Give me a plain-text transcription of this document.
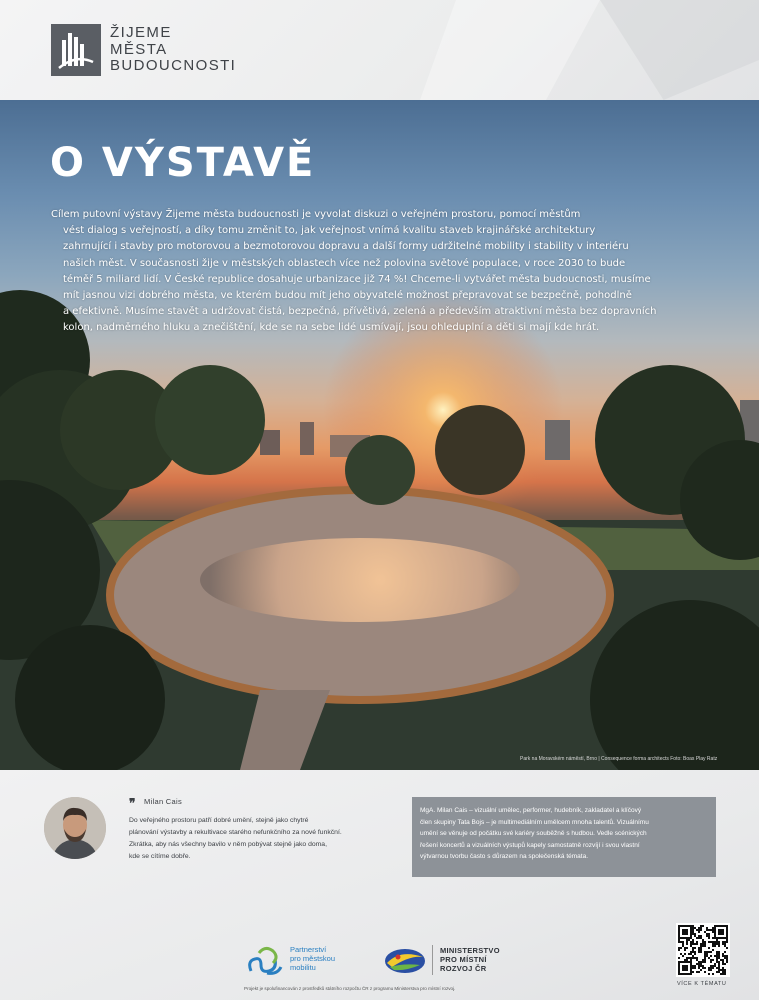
ŽIJEME
MĚSTA
BUDOUCNOSTI
O VÝSTAVĚ
Cílem putovní výstavy Žijeme města budoucnosti je vyvolat diskuzi o veřejném prostoru, pomocí městům
vést dialog s veřejností, a díky tomu změnit to, jak veřejnost vnímá kvalitu staveb krajinářské architektury
zahrnující i stavby pro motorovou a bezmotorovou dopravu a další formy udržitelné mobility i stability v interiéru
našich měst. V současnosti žije v městských oblastech více než polovina světové populace, v roce 2030 to bude
téměř 5 miliard lidí. V České republice dosahuje urbanizace již 74 %! Chceme-li vytvářet města budoucnosti, musíme
mít jasnou vizi dobrého města, ve kterém budou mít jeho obyvatelé možnost přepravovat se bezpečně, pohodlně
a efektivně. Musíme stavět a udržovat čistá, bezpečná, přívětivá, zelená a především atraktivní města bez dopravních
kolon, nadměrného hluku a znečištění, kde se na sebe lidé usmívají, jsou ohleduplní a děti si mají kde hrát.
Park na Moravském náměstí, Brno | Consequence forma architects Foto: Boas Play Ratz
❞ Milan Cais
Do veřejného prostoru patří dobré umění, stejně jako chytré
plánování výstavby a rekultivace starého nefunkčního za nové funkční.
Zkrátka, aby nás všechny bavilo v něm pobývat stejně jako doma,
kde se cítíme dobře.
MgA. Milan Cais – vizuální umělec, performer, hudebník, zakladatel a klíčový
člen skupiny Tata Bojs – je multimediálním umělcem mnoha talentů. Vizuálnímu
umění se věnuje od počátku své kariéry souběžně s hudbou. Vedle scénických
řešení koncertů a vizuálních výstupů kapely samostatně rozvíjí i svou vlastní
výtvarnou tvorbu často s důrazem na společenská témata.
Partnerství
pro městskou
mobilitu
MINISTERSTVO
PRO MÍSTNÍ
ROZVOJ ČR
Projekt je spolufinancován z prostředků státního rozpočtu ČR z programu Ministerstva pro místní rozvoj.
VÍCE K TÉMATU
